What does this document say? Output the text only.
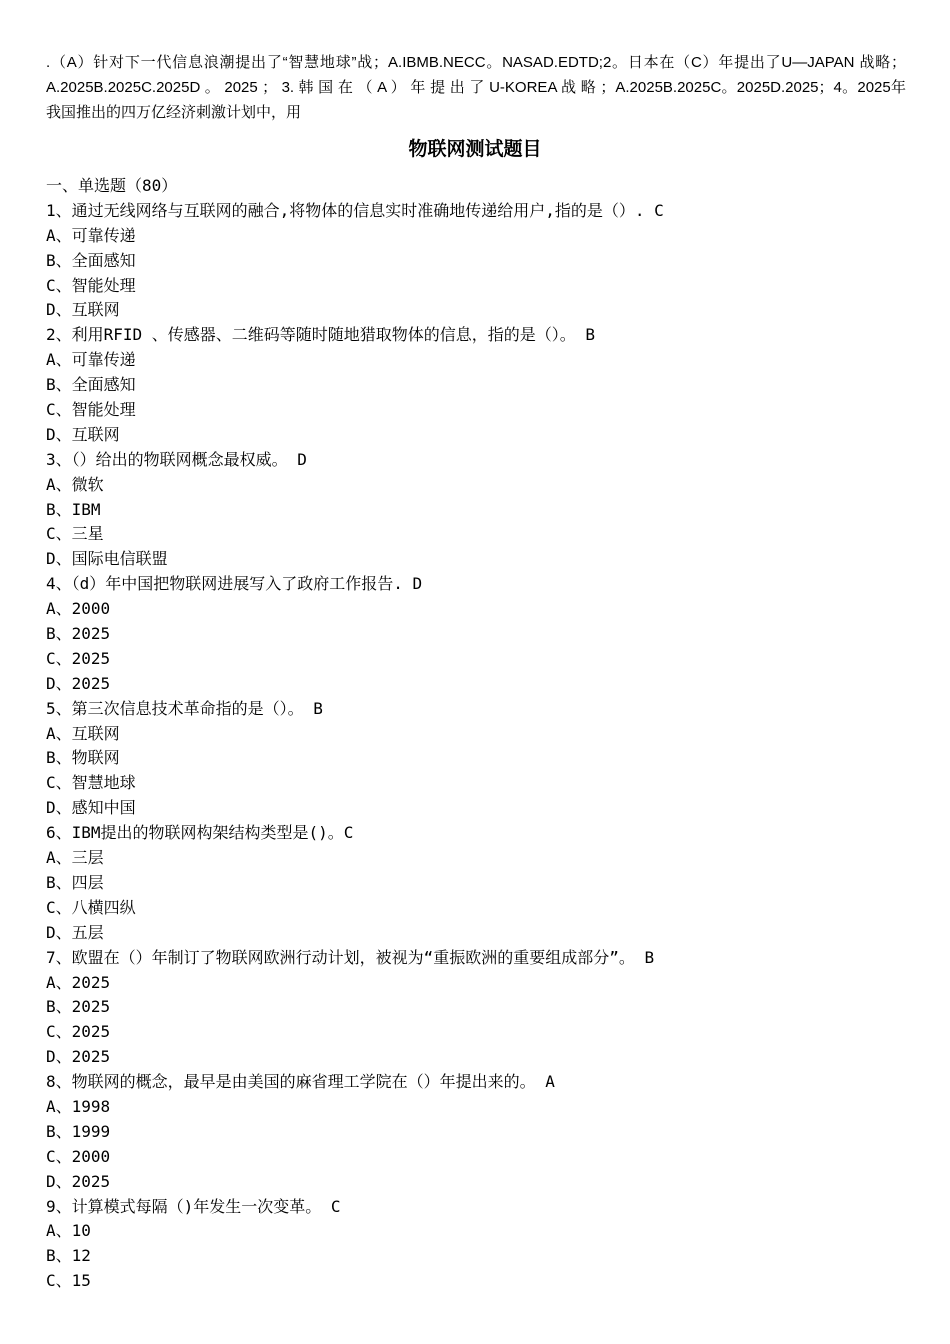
.（A）针对下一代信息浪潮提出了“智慧地球”战；A.IBMB.NECC。NASAD.EDTD;2。日本在（C）年提出了U—JAPAN 战略； A.2025B.2025C.2025D 。 2025 ； 3. 韩 国 在 （ A ） 年 提 出 了 U-KOREA 战 略 ；A.2025B.2025C。2025D.2025；4。2025年我国推出的四万亿经济刺激计划中，用
物联网测试题目
一、单选题（80）
1、通过无线网络与互联网的融合,将物体的信息实时准确地传递给用户,指的是（）. C
A、可靠传递
B、全面感知
C、智能处理
D、互联网
2、利用RFID 、传感器、二维码等随时随地猎取物体的信息，指的是（）。 B
A、可靠传递
B、全面感知
C、智能处理
D、互联网
3、（）给出的物联网概念最权威。 D
A、微软
B、IBM
C、三星
D、国际电信联盟
4、（d）年中国把物联网进展写入了政府工作报告. D
A、2000
B、2025
C、2025
D、2025
5、第三次信息技术革命指的是（）。 B
A、互联网
B、物联网
C、智慧地球
D、感知中国
6、IBM提出的物联网构架结构类型是()。C
A、三层
B、四层
C、八横四纵
D、五层
7、欧盟在（）年制订了物联网欧洲行动计划，被视为“重振欧洲的重要组成部分”。 B
A、2025
B、2025
C、2025
D、2025
8、物联网的概念，最早是由美国的麻省理工学院在（）年提出来的。 A
A、1998
B、1999
C、2000
D、2025
9、计算模式每隔（)年发生一次变革。 C
A、10
B、12
C、15
